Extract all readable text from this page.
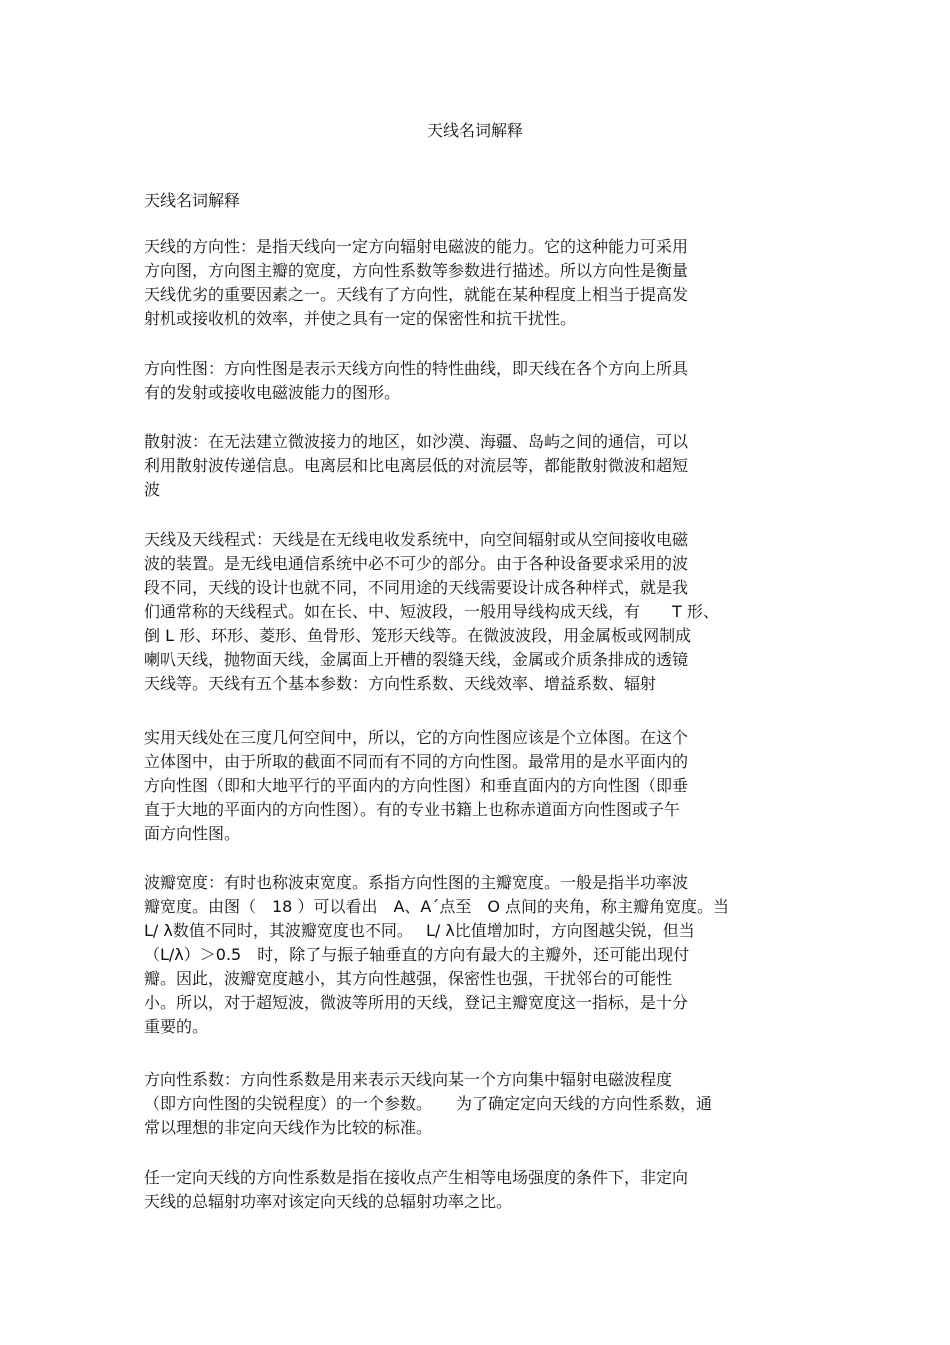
天线名词解释
天线名词解释
天线的方向性：是指天线向一定方向辐射电磁波的能力。它的这种能力可采用
方向图，方向图主瓣的宽度，方向性系数等参数进行描述。所以方向性是衡量
天线优劣的重要因素之一。天线有了方向性，就能在某种程度上相当于提高发
射机或接收机的效率，并使之具有一定的保密性和抗干扰性。
方向性图：方向性图是表示天线方向性的特性曲线，即天线在各个方向上所具
有的发射或接收电磁波能力的图形。
散射波：在无法建立微波接力的地区，如沙漠、海疆、岛屿之间的通信，可以
利用散射波传递信息。电离层和比电离层低的对流层等，都能散射微波和超短
波
天线及天线程式：天线是在无线电收发系统中，向空间辐射或从空间接收电磁
波的装置。是无线电通信系统中必不可少的部分。由于各种设备要求采用的波
段不同，天线的设计也就不同，不同用途的天线需要设计成各种样式，就是我
们通常称的天线程式。如在长、中、短波段，一般用导线构成天线，有　　T 形、
倒 L 形、环形、菱形、鱼骨形、笼形天线等。在微波波段，用金属板或网制成
喇叭天线，抛物面天线，金属面上开槽的裂缝天线，金属或介质条排成的透镜
天线等。天线有五个基本参数：方向性系数、天线效率、增益系数、辐射
实用天线处在三度几何空间中，所以，它的方向性图应该是个立体图。在这个
立体图中，由于所取的截面不同而有不同的方向性图。最常用的是水平面内的
方向性图（即和大地平行的平面内的方向性图）和垂直面内的方向性图（即垂
直于大地的平面内的方向性图）。有的专业书籍上也称赤道面方向性图或子午
面方向性图。
波瓣宽度：有时也称波束宽度。系指方向性图的主瓣宽度。一般是指半功率波
瓣宽度。由图（　18 ）可以看出　A、A´点至　O 点间的夹角，称主瓣角宽度。当
L/ λ数值不同时，其波瓣宽度也不同。　 L/ λ比值增加时，方向图越尖锐，但当
（L/λ）＞0.5　时，除了与振子轴垂直的方向有最大的主瓣外，还可能出现付
瓣。因此，波瓣宽度越小，其方向性越强，保密性也强，干扰邻台的可能性
小。所以，对于超短波，微波等所用的天线，登记主瓣宽度这一指标，是十分
重要的。
方向性系数：方向性系数是用来表示天线向某一个方向集中辐射电磁波程度
（即方向性图的尖锐程度）的一个参数。　　为了确定定向天线的方向性系数，通
常以理想的非定向天线作为比较的标准。
任一定向天线的方向性系数是指在接收点产生相等电场强度的条件下，非定向
天线的总辐射功率对该定向天线的总辐射功率之比。
